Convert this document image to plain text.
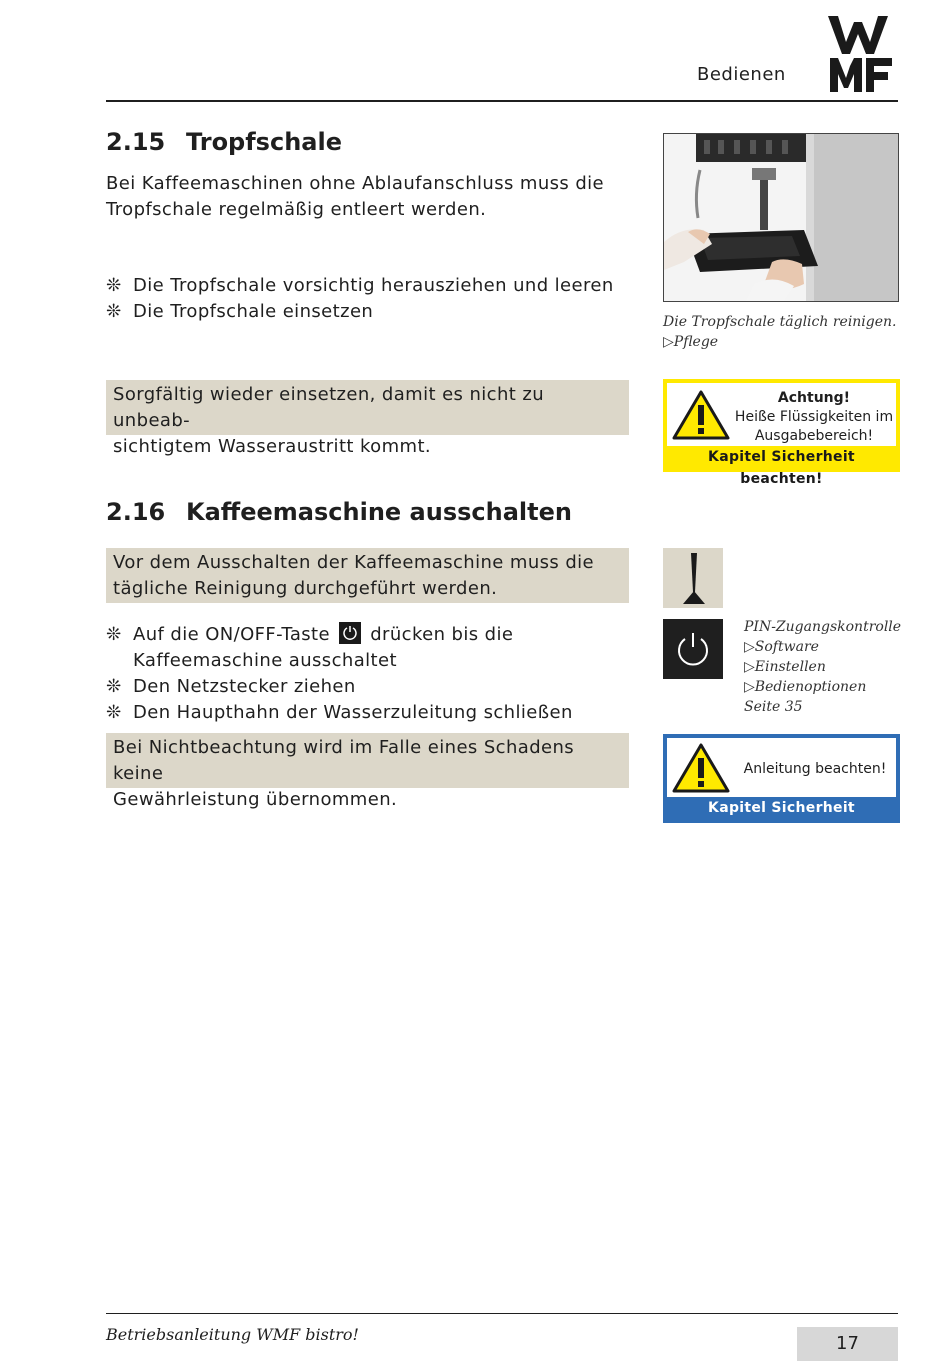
Bedienen
2.15 Tropfschale
Bei Kaffeemaschinen ohne Ablaufanschluss muss die
Tropfschale regelmäßig entleert werden.
❊ Die Tropfschale vorsichtig herausziehen und leeren
❊ Die Tropfschale einsetzen
Sorgfältig wieder einsetzen, damit es nicht zu unbeab-
sichtigtem Wasseraustritt kommt.
Die Tropfschale täglich reinigen.
▷Pflege
Achtung!
Heiße Flüssigkeiten im
Ausgabebereich!
Kapitel Sicherheit beachten!
2.16 Kaffeemaschine ausschalten
Vor dem Ausschalten der Kaffeemaschine muss die
tägliche Reinigung durchgeführt werden.
❊ Auf die ON/OFF-Taste drücken bis die
Kaffeemaschine ausschaltet
❊ Den Netzstecker ziehen
❊ Den Haupthahn der Wasserzuleitung schließen
Bei Nichtbeachtung wird im Falle eines Schadens keine
Gewährleistung übernommen.
PIN-Zugangskontrolle
▷Software
▷Einstellen
▷Bedienoptionen
Seite 35
Anleitung beachten!
Kapitel Sicherheit beachten!
Betriebsanleitung WMF bistro!	17
